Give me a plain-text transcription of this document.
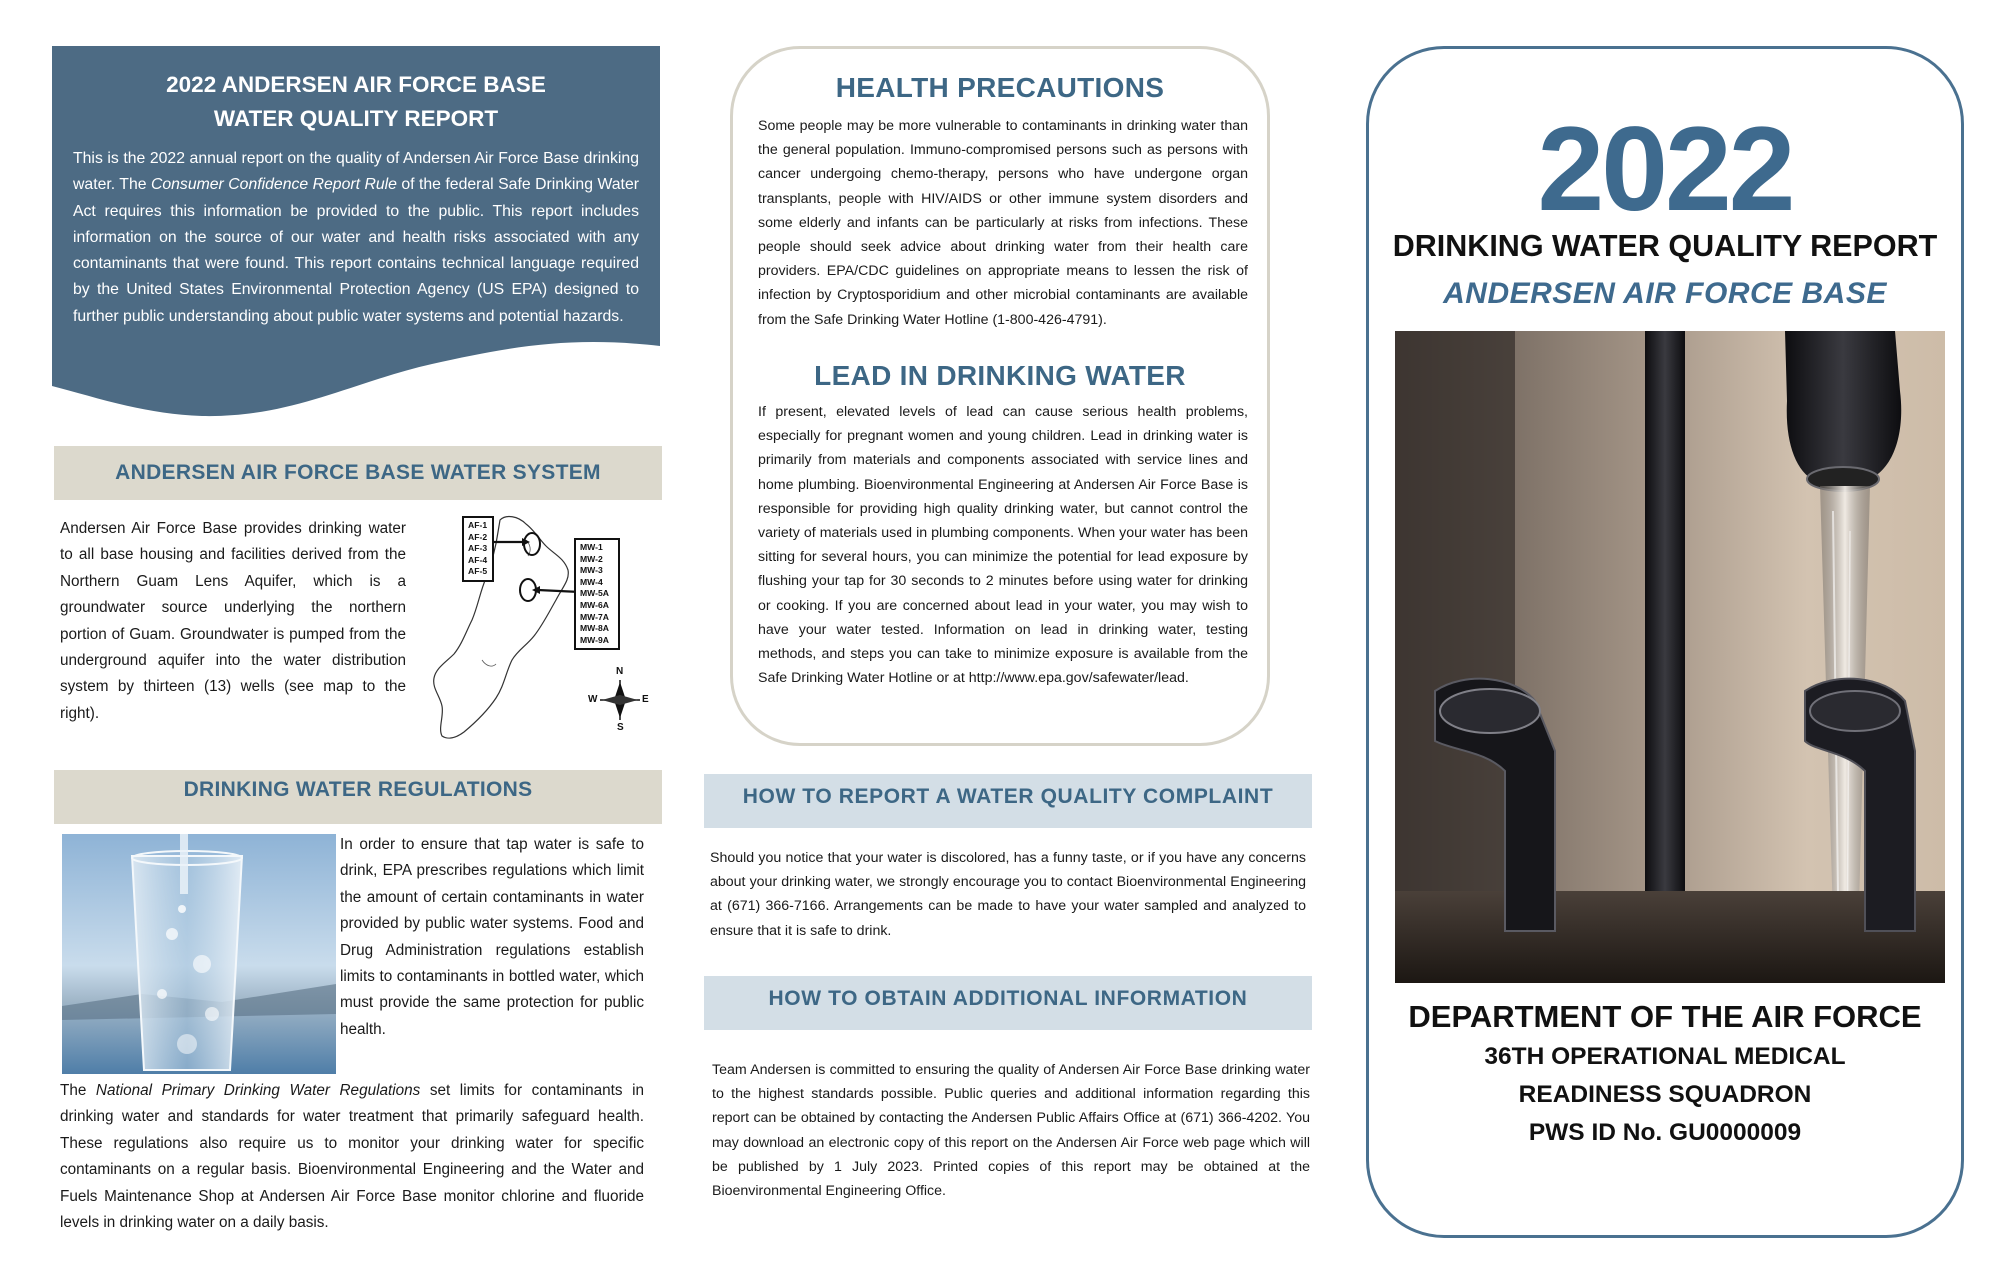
2022 ANDERSEN AIR FORCE BASE
WATER QUALITY REPORT
This is the 2022 annual report on the quality of Andersen Air Force Base drinking water. The Consumer Confidence Report Rule of the federal Safe Drinking Water Act requires this information be provided to the public. This report includes information on the source of our water and health risks associated with any contaminants that were found. This report contains technical language required by the United States Environmental Protection Agency (US EPA) designed to further public understanding about public water systems and potential hazards.
ANDERSEN AIR FORCE BASE WATER SYSTEM
Andersen Air Force Base provides drinking water to all base housing and facilities derived from the Northern Guam Lens Aquifer, which is a groundwater source underlying the northern portion of Guam. Groundwater is pumped from the underground aquifer into the water distribution system by thirteen (13) wells (see map to the right).
AF-1
AF-2
AF-3
AF-4
AF-5
MW-1
MW-2
MW-3
MW-4
MW-5A
MW-6A
MW-7A
MW-8A
MW-9A
N
S
E
W
DRINKING WATER REGULATIONS
In order to ensure that tap water is safe to drink, EPA prescribes regulations which limit the amount of certain contaminants in water provided by public water systems. Food and Drug Administration regulations establish limits to contaminants in bottled water, which must provide the same protection for public health.
The National Primary Drinking Water Regulations set limits for contaminants in drinking water and standards for water treatment that primarily safeguard health. These regulations also require us to monitor your drinking water for specific contaminants on a regular basis. Bioenvironmental Engineering and the Water and Fuels Maintenance Shop at Andersen Air Force Base monitor chlorine and fluoride levels in drinking water on a daily basis.
HEALTH PRECAUTIONS
Some people may be more vulnerable to contaminants in drinking water than the general population. Immuno-compromised persons such as persons with cancer undergoing chemo-therapy, persons who have undergone organ transplants, people with HIV/AIDS or other immune system disorders and some elderly and infants can be particularly at risks from infections. These people should seek advice about drinking water from their health care providers. EPA/CDC guidelines on appropriate means to lessen the risk of infection by Cryptosporidium and other microbial contaminants are available from the Safe Drinking Water Hotline (1-800-426-4791).
LEAD IN DRINKING WATER
If present, elevated levels of lead can cause serious health problems, especially for pregnant women and young children. Lead in drinking water is primarily from materials and components associated with service lines and home plumbing. Bioenvironmental Engineering at Andersen Air Force Base is responsible for providing high quality drinking water, but cannot control the variety of materials used in plumbing components. When your water has been sitting for several hours, you can minimize the potential for lead exposure by flushing your tap for 30 seconds to 2 minutes before using water for drinking or cooking. If you are concerned about lead in your water, you may wish to have your water tested. Information on lead in drinking water, testing methods, and steps you can take to minimize exposure is available from the Safe Drinking Water Hotline or at http://www.epa.gov/safewater/lead.
HOW TO REPORT A WATER QUALITY COMPLAINT
Should you notice that your water is discolored, has a funny taste, or if you have any concerns about your drinking water, we strongly encourage you to contact Bioenvironmental Engineering at (671) 366-7166. Arrangements can be made to have your water sampled and analyzed to ensure that it is safe to drink.
HOW TO OBTAIN ADDITIONAL INFORMATION
Team Andersen is committed to ensuring the quality of Andersen Air Force Base drinking water to the highest standards possible. Public queries and additional information regarding this report can be obtained by contacting the Andersen Public Affairs Office at (671) 366-4202. You may download an electronic copy of this report on the Andersen Air Force web page which will be published by 1 July 2023. Printed copies of this report may be obtained at the Bioenvironmental Engineering Office.
2022
DRINKING WATER QUALITY REPORT
ANDERSEN AIR FORCE BASE
DEPARTMENT OF THE AIR FORCE
36TH OPERATIONAL MEDICAL
READINESS SQUADRON
PWS ID No. GU0000009
